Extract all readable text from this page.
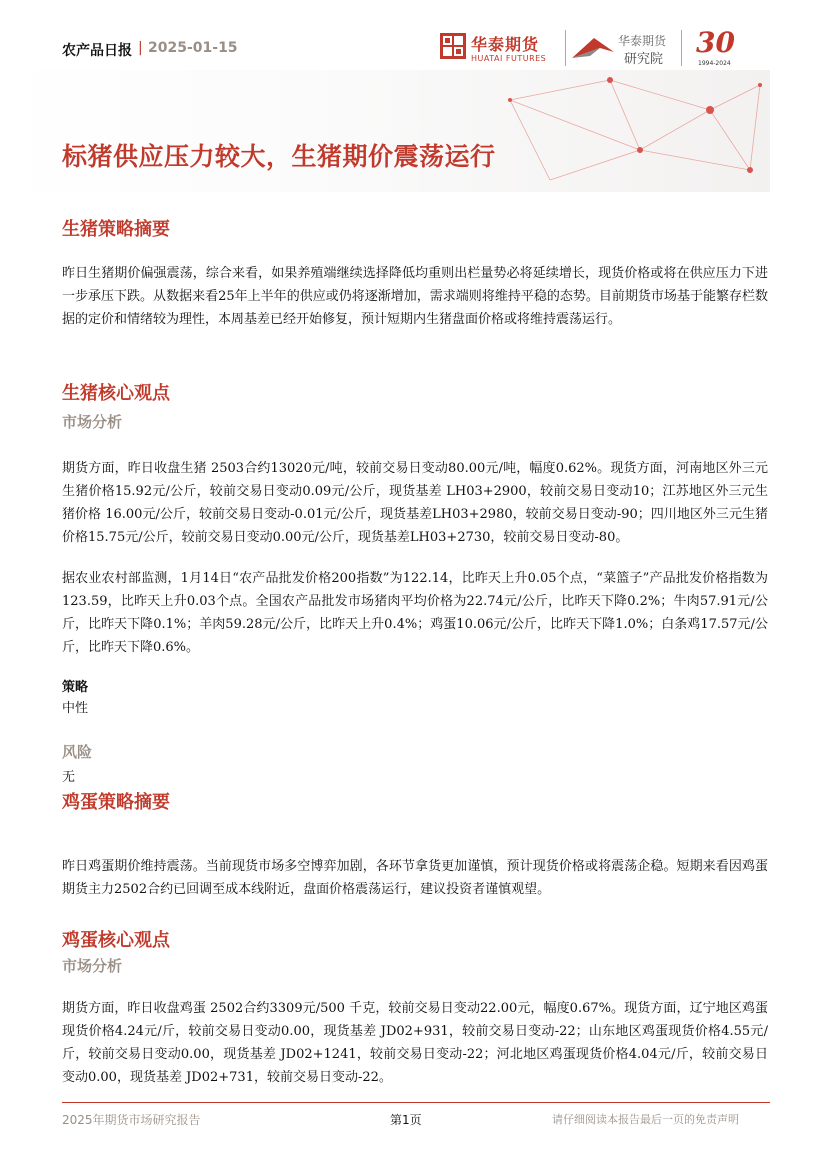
农产品日报 | 2025-01-15	华泰期货
HUATAI FUTURES
华泰期货
研究院
30
1994-2024
标猪供应压力较大，生猪期价震荡运行
生猪策略摘要
昨日生猪期价偏强震荡，综合来看，如果养殖端继续选择降低均重则出栏量势必将延续增长，现货价格或将在供应压力下进一步承压下跌。从数据来看25年上半年的供应或仍将逐渐增加，需求端则将维持平稳的态势。目前期货市场基于能繁存栏数据的定价和情绪较为理性，本周基差已经开始修复，预计短期内生猪盘面价格或将维持震荡运行。
生猪核心观点
市场分析
期货方面，昨日收盘生猪 2503合约13020元/吨，较前交易日变动80.00元/吨，幅度0.62%。现货方面，河南地区外三元生猪价格15.92元/公斤，较前交易日变动0.09元/公斤，现货基差 LH03+2900，较前交易日变动10；江苏地区外三元生猪价格 16.00元/公斤，较前交易日变动-0.01元/公斤，现货基差LH03+2980，较前交易日变动-90；四川地区外三元生猪价格15.75元/公斤，较前交易日变动0.00元/公斤，现货基差LH03+2730，较前交易日变动-80。
据农业农村部监测，1月14日“农产品批发价格200指数”为122.14，比昨天上升0.05个点，“菜篮子”产品批发价格指数为123.59，比昨天上升0.03个点。全国农产品批发市场猪肉平均价格为22.74元/公斤，比昨天下降0.2%；牛肉57.91元/公斤，比昨天下降0.1%；羊肉59.28元/公斤，比昨天上升0.4%；鸡蛋10.06元/公斤，比昨天下降1.0%；白条鸡17.57元/公斤，比昨天下降0.6%。
策略
中性
风险
无
鸡蛋策略摘要
昨日鸡蛋期价维持震荡。当前现货市场多空博弈加剧，各环节拿货更加谨慎，预计现货价格或将震荡企稳。短期来看因鸡蛋期货主力2502合约已回调至成本线附近，盘面价格震荡运行，建议投资者谨慎观望。
鸡蛋核心观点
市场分析
期货方面，昨日收盘鸡蛋 2502合约3309元/500 千克，较前交易日变动22.00元，幅度0.67%。现货方面，辽宁地区鸡蛋现货价格4.24元/斤，较前交易日变动0.00，现货基差 JD02+931，较前交易日变动-22；山东地区鸡蛋现货价格4.55元/斤，较前交易日变动0.00，现货基差 JD02+1241，较前交易日变动-22；河北地区鸡蛋现货价格4.04元/斤，较前交易日变动0.00，现货基差 JD02+731，较前交易日变动-22。
2025年期货市场研究报告	第1页	请仔细阅读本报告最后一页的免责声明
